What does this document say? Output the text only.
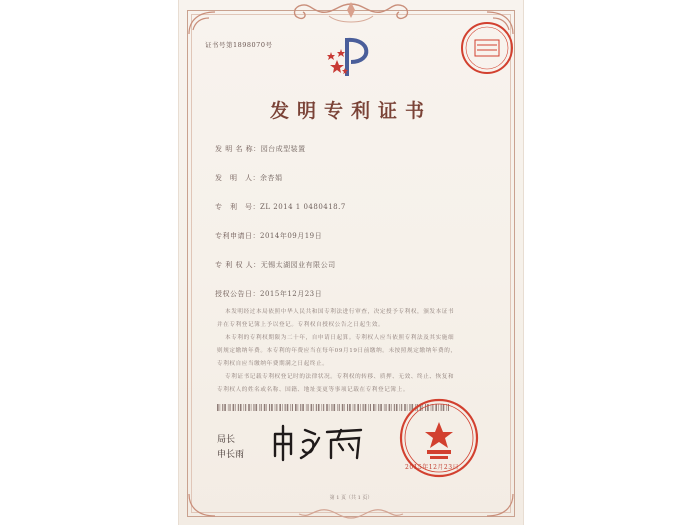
证书号第1898070号
发明专利证书
发 明 名 称：园台成型装置
发　明　人：余杏娟
专　利　号：ZL 2014 1 0480418.7
专利申请日：2014年09月19日
专 利 权 人：无锡太湖园业有限公司
授权公告日：2015年12月23日
本发明经过本局依照中华人民共和国专利法进行审查，决定授予专利权，颁发本证书
并在专利登记簿上予以登记。专利权自授权公告之日起生效。
本专利的专利权期限为二十年，自申请日起算。专利权人应当依照专利法及其实施细
则规定缴纳年费。本专利的年费应当在每年09月19日前缴纳。未按照规定缴纳年费的，
专利权自应当缴纳年费期满之日起终止。
专利证书记载专利权登记时的法律状况。专利权的转移、质押、无效、终止、恢复和
专利权人的姓名或名称、国籍、地址变更等事项记载在专利登记簿上。
局长
申长雨
2015年12月23日
第 1 页（共 1 页）
